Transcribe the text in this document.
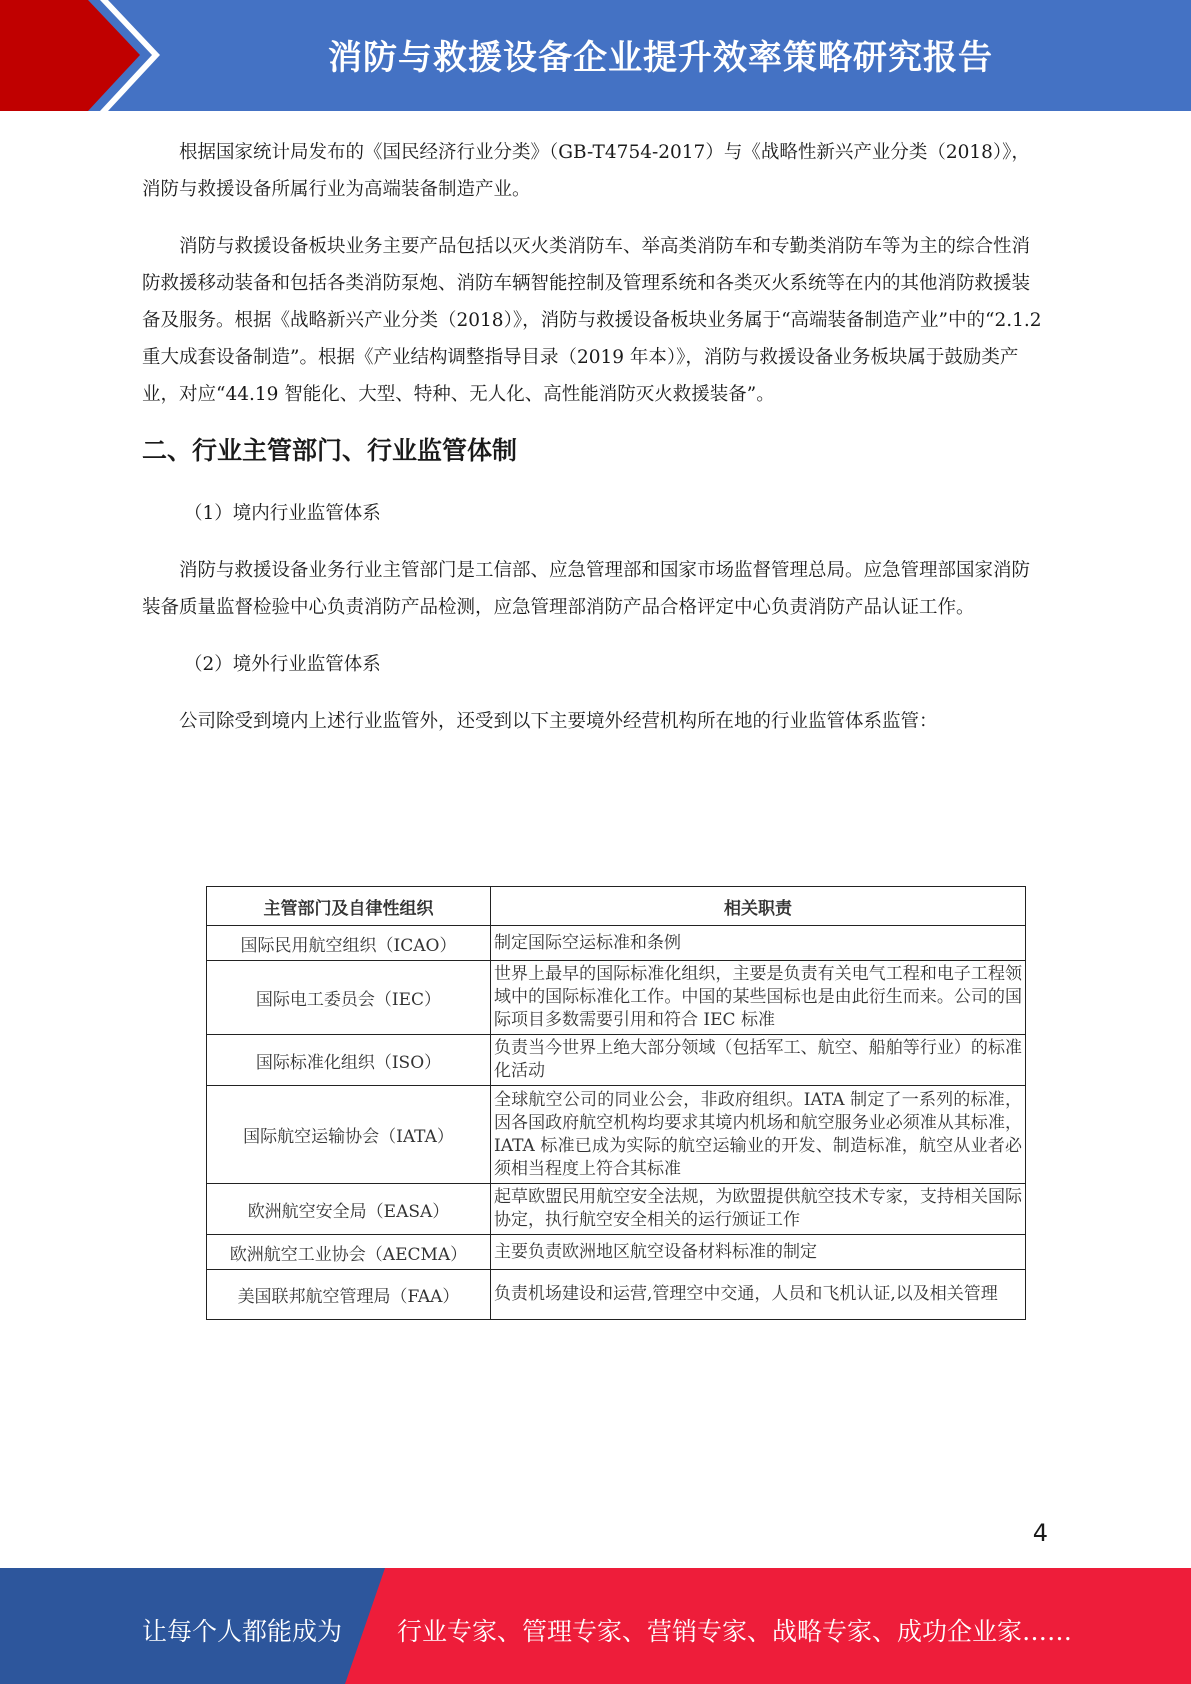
消防与救援设备企业提升效率策略研究报告

根据国家统计局发布的《国民经济行业分类》（GB-T4754-2017）与《战略性新兴产业分类（2018）》，消防与救援设备所属行业为高端装备制造产业。

消防与救援设备板块业务主要产品包括以灭火类消防车、举高类消防车和专勤类消防车等为主的综合性消防救援移动装备和包括各类消防泵炮、消防车辆智能控制及管理系统和各类灭火系统等在内的其他消防救援装备及服务。根据《战略新兴产业分类（2018）》，消防与救援设备板块业务属于“高端装备制造产业”中的“2.1.2 重大成套设备制造”。根据《产业结构调整指导目录（2019 年本）》，消防与救援设备业务板块属于鼓励类产业，对应“44.19 智能化、大型、特种、无人化、高性能消防灭火救援装备”。

二、行业主管部门、行业监管体制

（1）境内行业监管体系

消防与救援设备业务行业主管部门是工信部、应急管理部和国家市场监督管理总局。应急管理部国家消防装备质量监督检验中心负责消防产品检测，应急管理部消防产品合格评定中心负责消防产品认证工作。

（2）境外行业监管体系

公司除受到境内上述行业监管外，还受到以下主要境外经营机构所在地的行业监管体系监管：

主管部门及自律性组织	相关职责
国际民用航空组织（ICAO）	制定国际空运标准和条例
国际电工委员会（IEC）	世界上最早的国际标准化组织，主要是负责有关电气工程和电子工程领域中的国际标准化工作。中国的某些国标也是由此衍生而来。公司的国际项目多数需要引用和符合 IEC 标准
国际标准化组织（ISO）	负责当今世界上绝大部分领域（包括军工、航空、船舶等行业）的标准化活动
国际航空运输协会（IATA）	全球航空公司的同业公会，非政府组织。IATA 制定了一系列的标准，因各国政府航空机构均要求其境内机场和航空服务业必须准从其标准，IATA 标准已成为实际的航空运输业的开发、制造标准，航空从业者必须相当程度上符合其标准
欧洲航空安全局（EASA）	起草欧盟民用航空安全法规，为欧盟提供航空技术专家，支持相关国际协定，执行航空安全相关的运行颁证工作
欧洲航空工业协会（AECMA）	主要负责欧洲地区航空设备材料标准的制定
美国联邦航空管理局（FAA）	负责机场建设和运营,管理空中交通，人员和飞机认证,以及相关管理
4
让每个人都能成为 行业专家、管理专家、营销专家、战略专家、成功企业家……
